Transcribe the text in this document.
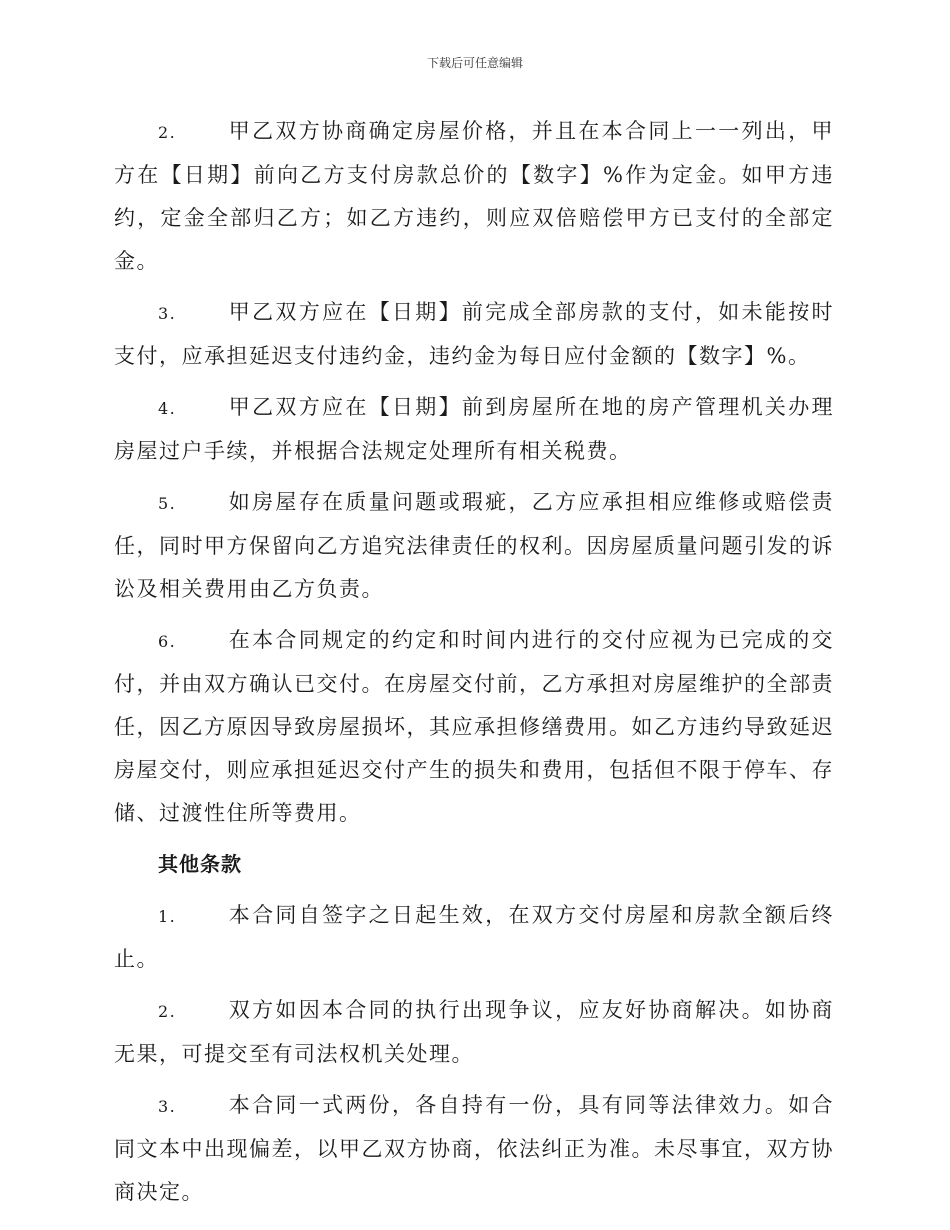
下载后可任意编辑

2. 甲乙双方协商确定房屋价格，并且在本合同上一一列出，甲方在【日期】前向乙方支付房款总价的【数字】%作为定金。如甲方违约，定金全部归乙方；如乙方违约，则应双倍赔偿甲方已支付的全部定金。

3. 甲乙双方应在【日期】前完成全部房款的支付，如未能按时支付，应承担延迟支付违约金，违约金为每日应付金额的【数字】%。

4. 甲乙双方应在【日期】前到房屋所在地的房产管理机关办理房屋过户手续，并根据合法规定处理所有相关税费。

5. 如房屋存在质量问题或瑕疵，乙方应承担相应维修或赔偿责任，同时甲方保留向乙方追究法律责任的权利。因房屋质量问题引发的诉讼及相关费用由乙方负责。

6. 在本合同规定的约定和时间内进行的交付应视为已完成的交付，并由双方确认已交付。在房屋交付前，乙方承担对房屋维护的全部责任，因乙方原因导致房屋损坏，其应承担修缮费用。如乙方违约导致延迟房屋交付，则应承担延迟交付产生的损失和费用，包括但不限于停车、存储、过渡性住所等费用。

其他条款

1. 本合同自签字之日起生效，在双方交付房屋和房款全额后终止。

2. 双方如因本合同的执行出现争议，应友好协商解决。如协商无果，可提交至有司法权机关处理。

3. 本合同一式两份，各自持有一份，具有同等法律效力。如合同文本中出现偏差，以甲乙双方协商，依法纠正为准。未尽事宜，双方协商决定。
